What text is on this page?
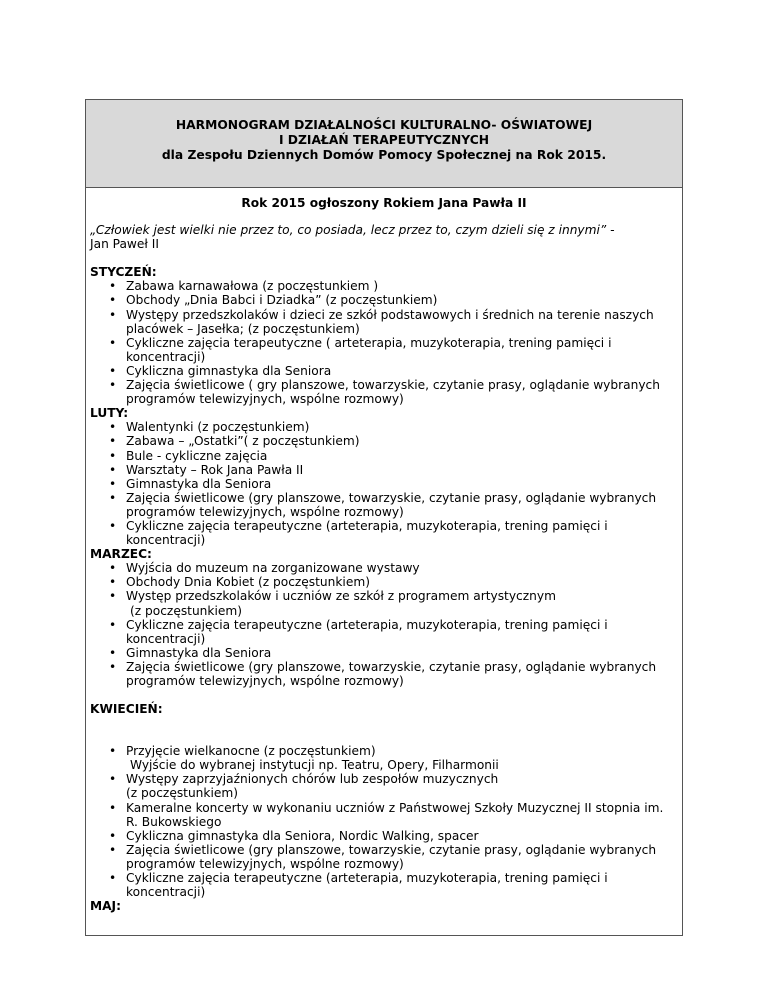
HARMONOGRAM DZIAŁALNOŚCI KULTURALNO- OŚWIATOWEJ
I DZIAŁAŃ TERAPEUTYCZNYCH
dla Zespołu Dziennych Domów Pomocy Społecznej na Rok 2015.
Rok 2015 ogłoszony Rokiem Jana Pawła II
„Człowiek jest wielki nie przez to, co posiada, lecz przez to, czym dzieli się z innymi” -
Jan Paweł II
STYCZEŃ:
• Zabawa karnawałowa (z poczęstunkiem )
• Obchody „Dnia Babci i Dziadka” (z poczęstunkiem)
• Występy przedszkolaków i dzieci ze szkół podstawowych i średnich na terenie naszych placówek – Jasełka; (z poczęstunkiem)
• Cykliczne zajęcia terapeutyczne ( arteterapia, muzykoterapia, trening pamięci i koncentracji)
• Cykliczna gimnastyka dla Seniora
• Zajęcia świetlicowe ( gry planszowe, towarzyskie, czytanie prasy, oglądanie wybranych programów telewizyjnych, wspólne rozmowy)
LUTY:
• Walentynki (z poczęstunkiem)
• Zabawa – „Ostatki”( z poczęstunkiem)
• Bule - cykliczne zajęcia
• Warsztaty – Rok Jana Pawła II
• Gimnastyka dla Seniora
• Zajęcia świetlicowe (gry planszowe, towarzyskie, czytanie prasy, oglądanie wybranych programów telewizyjnych, wspólne rozmowy)
• Cykliczne zajęcia terapeutyczne (arteterapia, muzykoterapia, trening pamięci i koncentracji)
MARZEC:
• Wyjścia do muzeum na zorganizowane wystawy
• Obchody Dnia Kobiet (z poczęstunkiem)
• Występ przedszkolaków i uczniów ze szkół z programem artystycznym
(z poczęstunkiem)
• Cykliczne zajęcia terapeutyczne (arteterapia, muzykoterapia, trening pamięci i koncentracji)
• Gimnastyka dla Seniora
• Zajęcia świetlicowe (gry planszowe, towarzyskie, czytanie prasy, oglądanie wybranych programów telewizyjnych, wspólne rozmowy)
KWIECIEŃ:
• Przyjęcie wielkanocne (z poczęstunkiem)
Wyjście do wybranej instytucji np. Teatru, Opery, Filharmonii
• Występy zaprzyjaźnionych chórów lub zespołów muzycznych
(z poczęstunkiem)
• Kameralne koncerty w wykonaniu uczniów z Państwowej Szkoły Muzycznej II stopnia im. R. Bukowskiego
• Cykliczna gimnastyka dla Seniora, Nordic Walking, spacer
• Zajęcia świetlicowe (gry planszowe, towarzyskie, czytanie prasy, oglądanie wybranych programów telewizyjnych, wspólne rozmowy)
• Cykliczne zajęcia terapeutyczne (arteterapia, muzykoterapia, trening pamięci i koncentracji)
MAJ:
